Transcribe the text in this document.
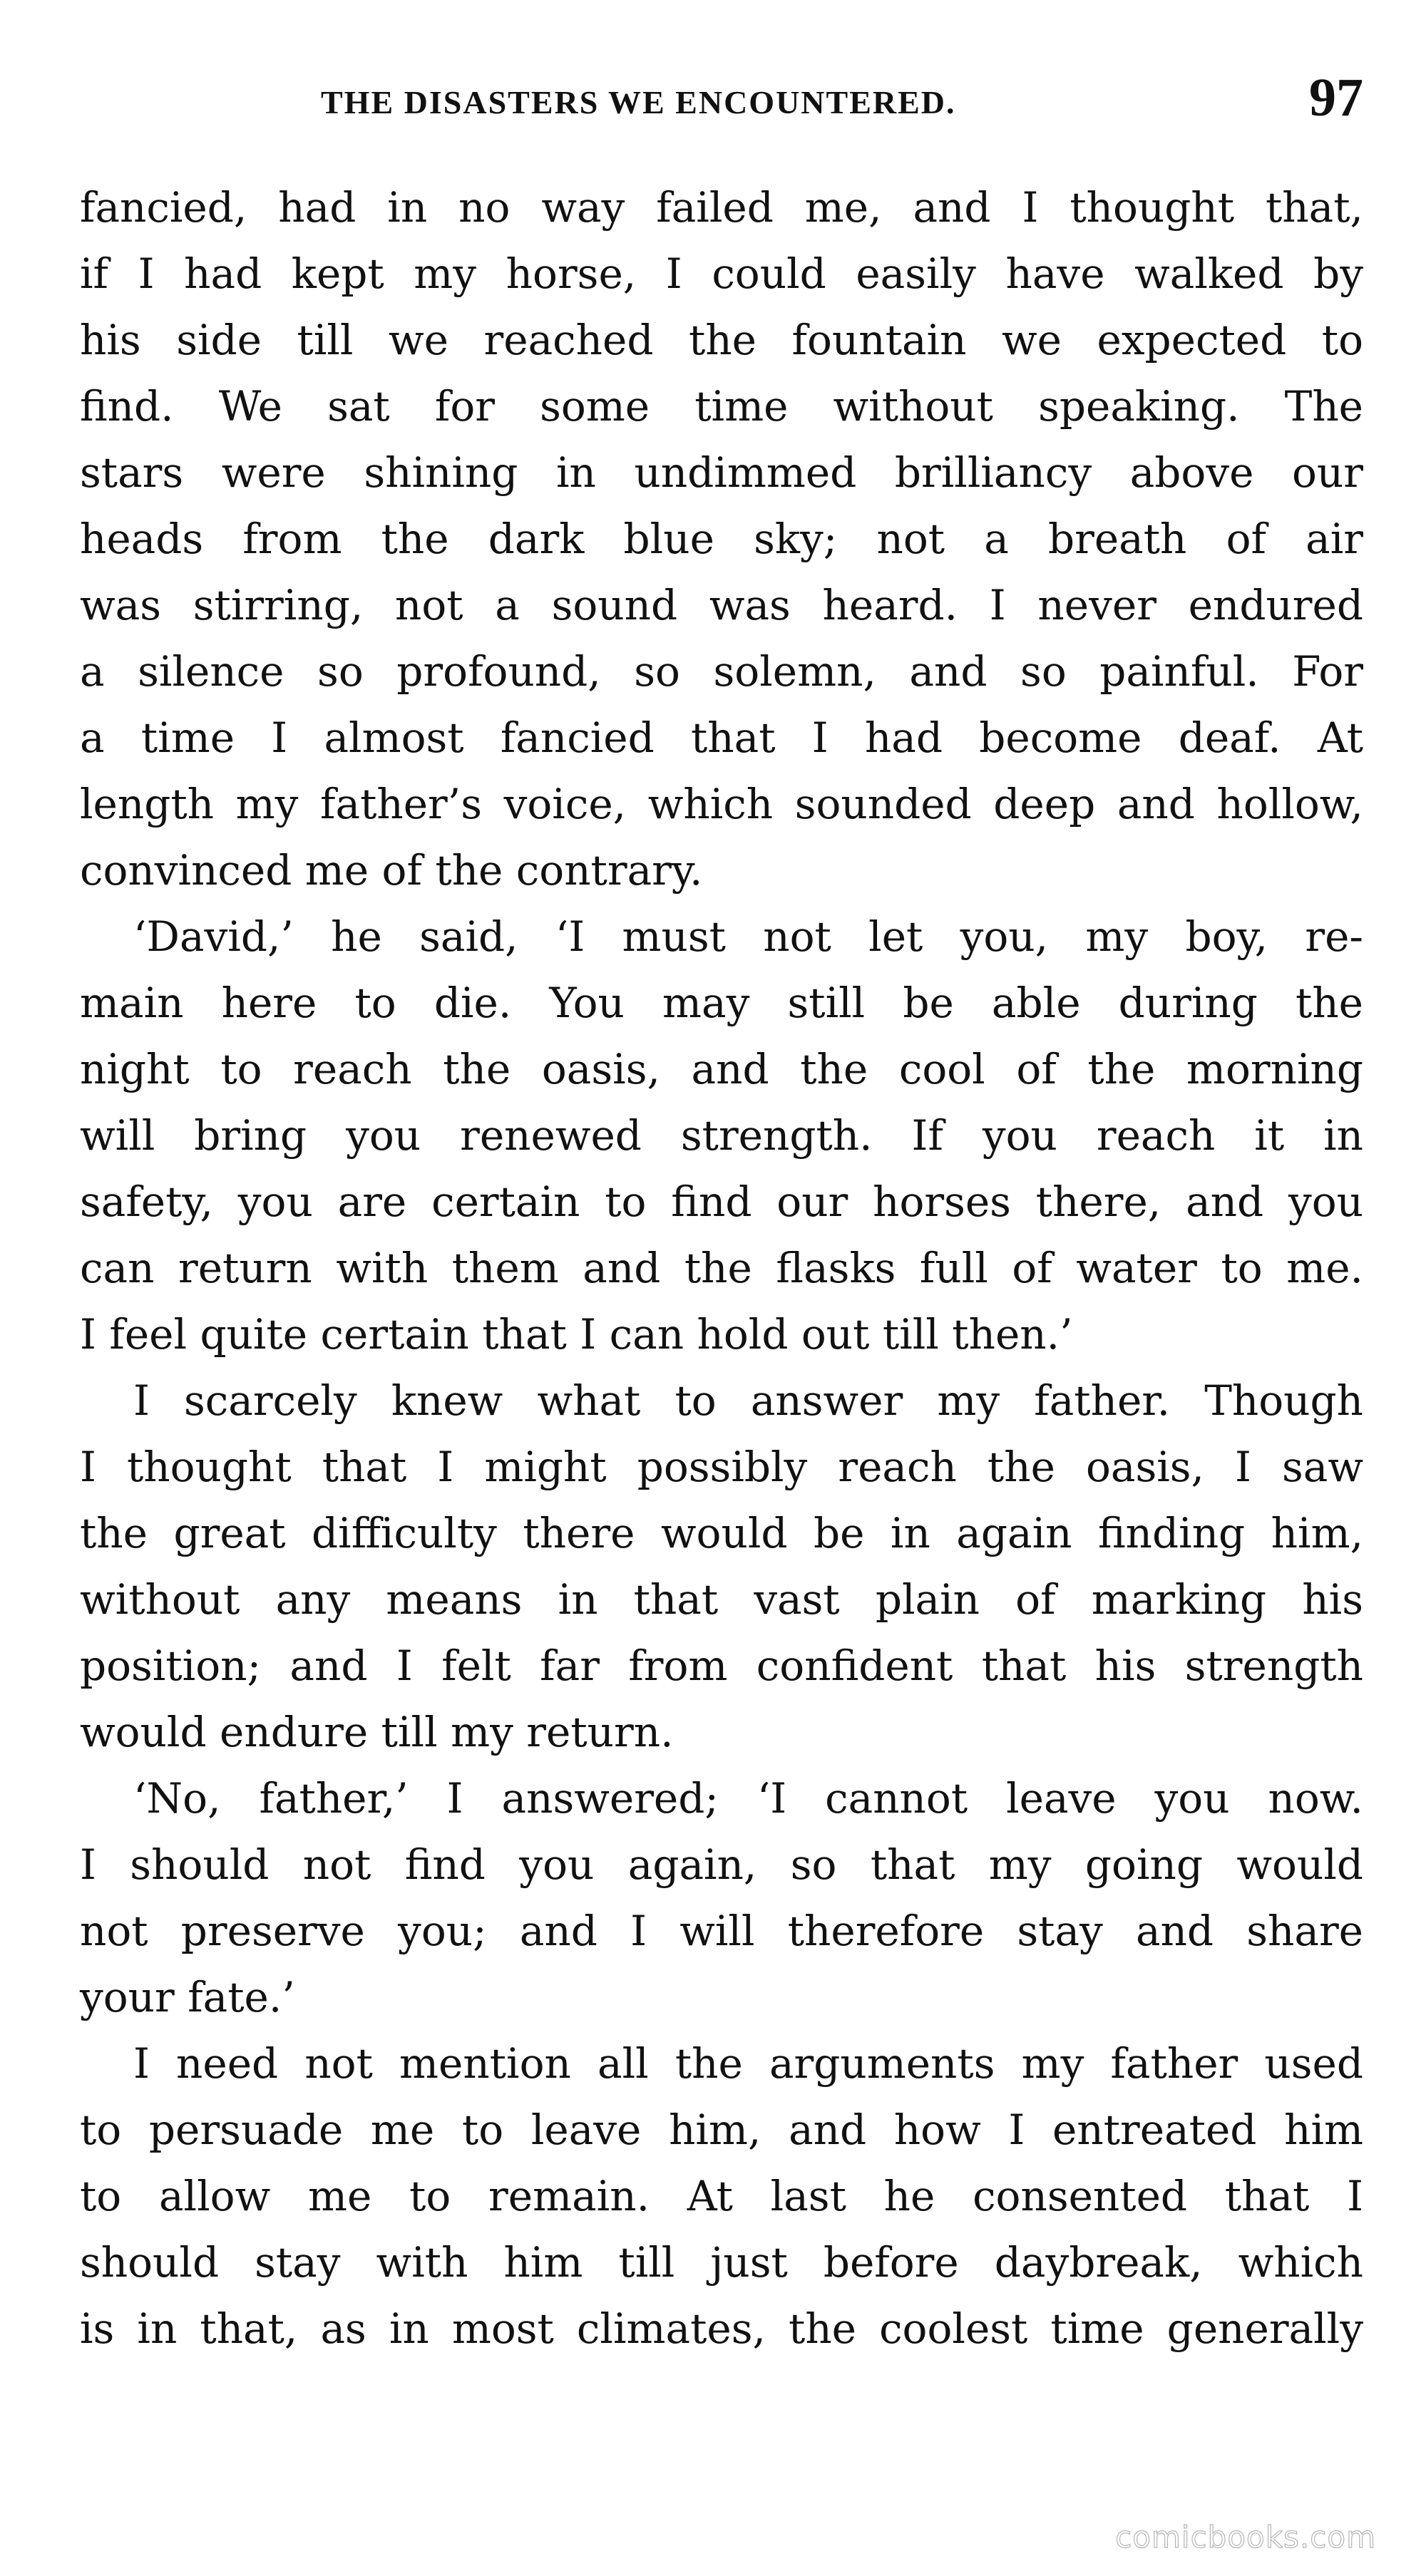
THE DISASTERS WE ENCOUNTERED.	97
fancied, had in no way failed me, and I thought that,
if I had kept my horse, I could easily have walked by
his side till we reached the fountain we expected to
find. We sat for some time without speaking. The
stars were shining in undimmed brilliancy above our
heads from the dark blue sky; not a breath of air
was stirring, not a sound was heard. I never endured
a silence so profound, so solemn, and so painful. For
a time I almost fancied that I had become deaf. At
length my father’s voice, which sounded deep and hollow,
convinced me of the contrary.
‘David,’ he said, ‘I must not let you, my boy, re-
main here to die. You may still be able during the
night to reach the oasis, and the cool of the morning
will bring you renewed strength. If you reach it in
safety, you are certain to find our horses there, and you
can return with them and the flasks full of water to me.
I feel quite certain that I can hold out till then.’
I scarcely knew what to answer my father. Though
I thought that I might possibly reach the oasis, I saw
the great difficulty there would be in again finding him,
without any means in that vast plain of marking his
position; and I felt far from confident that his strength
would endure till my return.
‘No, father,’ I answered; ‘I cannot leave you now.
I should not find you again, so that my going would
not preserve you; and I will therefore stay and share
your fate.’
I need not mention all the arguments my father used
to persuade me to leave him, and how I entreated him
to allow me to remain. At last he consented that I
should stay with him till just before daybreak, which
is in that, as in most climates, the coolest time generally
comicbooks.com
